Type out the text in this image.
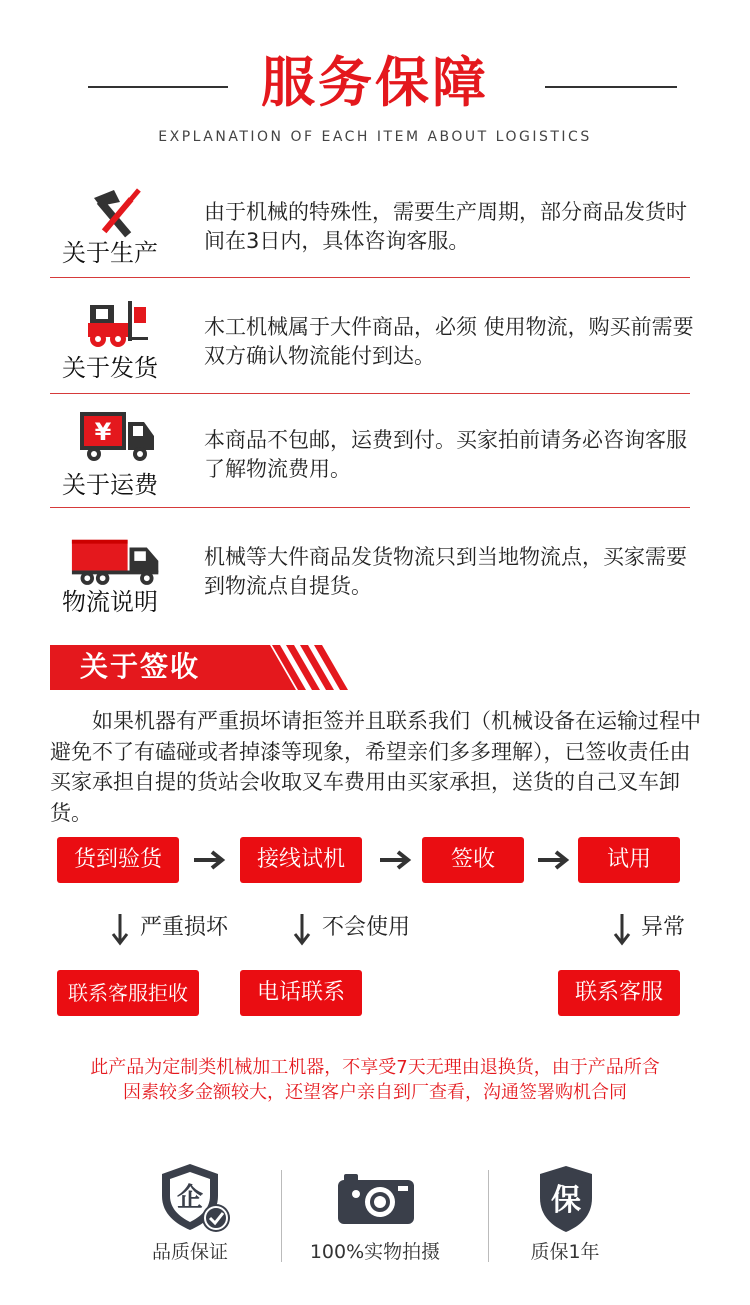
服务保障
EXPLANATION OF EACH ITEM ABOUT LOGISTICS
关于生产
由于机械的特殊性，需要生产周期，部分商品发货时间在3日内，具体咨询客服。
关于发货
木工机械属于大件商品，必须 使用物流，购买前需要双方确认物流能付到达。
¥
关于运费
本商品不包邮，运费到付。买家拍前请务必咨询客服了解物流费用。
物流说明
机械等大件商品发货物流只到当地物流点，买家需要到物流点自提货。
关于签收
　　如果机器有严重损坏请拒签并且联系我们（机械设备在运输过程中避免不了有磕碰或者掉漆等现象，希望亲们多多理解），已签收责任由买家承担自提的货站会收取叉车费用由买家承担，送货的自己叉车卸货。
货到验货	接线试机	签收	试用
严重损坏	不会使用	异常
联系客服拒收	电话联系	联系客服
此产品为定制类机械加工机器，不享受7天无理由退换货，由于产品所含
因素较多金额较大，还望客户亲自到厂查看，沟通签署购机合同
企
品质保证	100%实物拍摄
保
质保1年
